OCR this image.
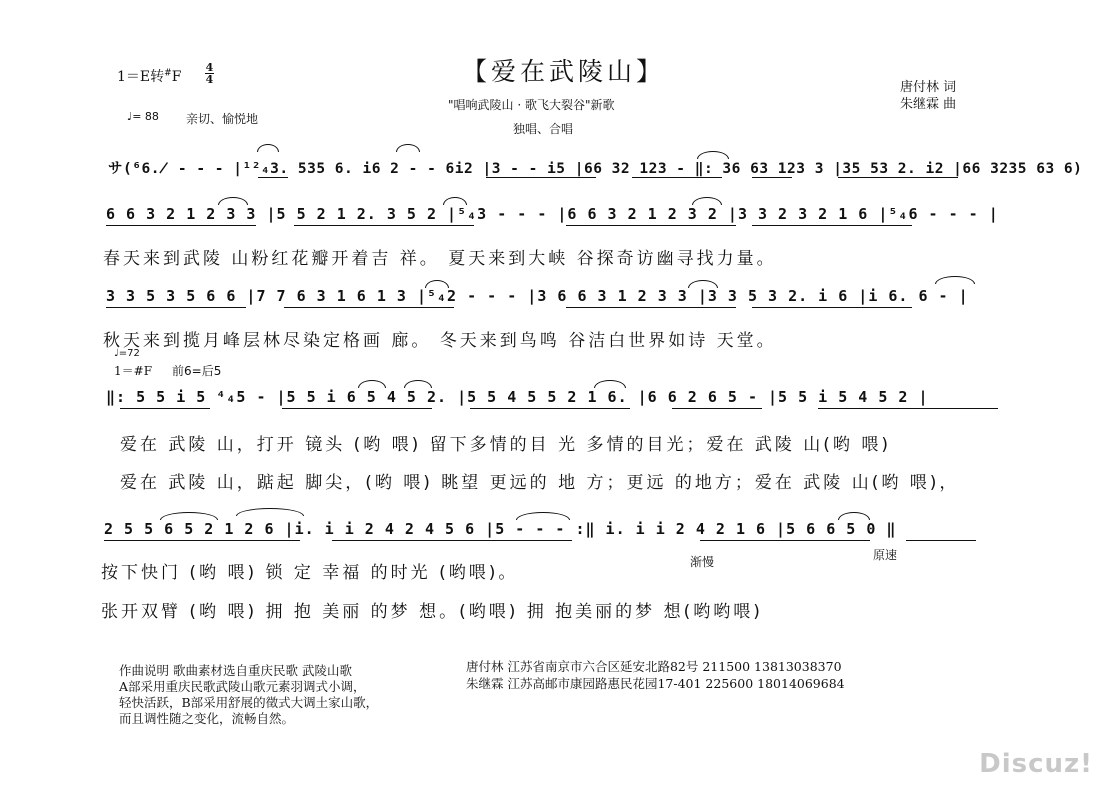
1＝E转#F
4
4	【爱在武陵山】
"唱响武陵山 · 歌飞大裂谷"新歌
独唱、合唱
♩= 88 亲切、愉悦地
唐付林 词
朱继霖 曲
サ(⁶6.̸ - - - |¹²₄3. 535 6. i6 2 - - 6i2 |3 - - i5 |66 32 123 - ‖: 36 63 123 3 |35 53 2. i2 |66 3235 63 6)
6 6 3 2 1 2 3 3 |5 5 2 1 2. 3 5 2 |⁵₄3 - - - |6 6 3 2 1 2 3 2 |3 3 2 3 2 1 6 |⁵₄6 - - - |
春天来到武陵 山粉红花瓣开着吉 祥。 夏天来到大峡 谷探奇访幽寻找力量。
3 3 5 3 5 6 6 |7 7 6 3 1 6 1 3 |⁵₄2 - - - |3 6 6 3 1 2 3 3 |3 3 5 3 2. i 6 |i 6. 6 - |
秋天来到揽月峰层林尽染定格画 廊。 冬天来到鸟鸣 谷洁白世界如诗 天堂。
♩=72
1＝#F 前6=后5
‖: 5 5 i 5 ⁴₄5 - |5 5 i 6 5 4 5 2. |5 5 4 5 5 2 1 6. |6 6 2 6 5 - |5 5 i 5 4 5 2 |
爱在 武陵 山，打开 镜头 (哟 喂) 留下多情的目 光 多情的目光；爱在 武陵 山(哟 喂)
爱在 武陵 山，踮起 脚尖，(哟 喂) 眺望 更远的 地 方；更远 的地方；爱在 武陵 山(哟 喂)，
2 5 5 6 5 2 1 2 6 |i. i i 2 4 2 4 5 6 |5 - - - :‖ i. i i 2 4 2 1 6 |5 6 6 5 0 ‖
渐慢	原速
按下快门 (哟 喂) 锁 定 幸福 的时光 (哟喂)。
张开双臂 (哟 喂) 拥 抱 美丽 的梦 想。(哟喂) 拥 抱美丽的梦 想(哟哟喂)
作曲说明 歌曲素材选自重庆民歌 武陵山歌
A部采用重庆民歌武陵山歌元素羽调式小调，
轻快活跃，B部采用舒展的徵式大调土家山歌，
而且调性随之变化，流畅自然。
唐付林 江苏省南京市六合区延安北路82号 211500 13813038370
朱继霖 江苏高邮市康园路惠民花园17-401 225600 18014069684
Discuz!
